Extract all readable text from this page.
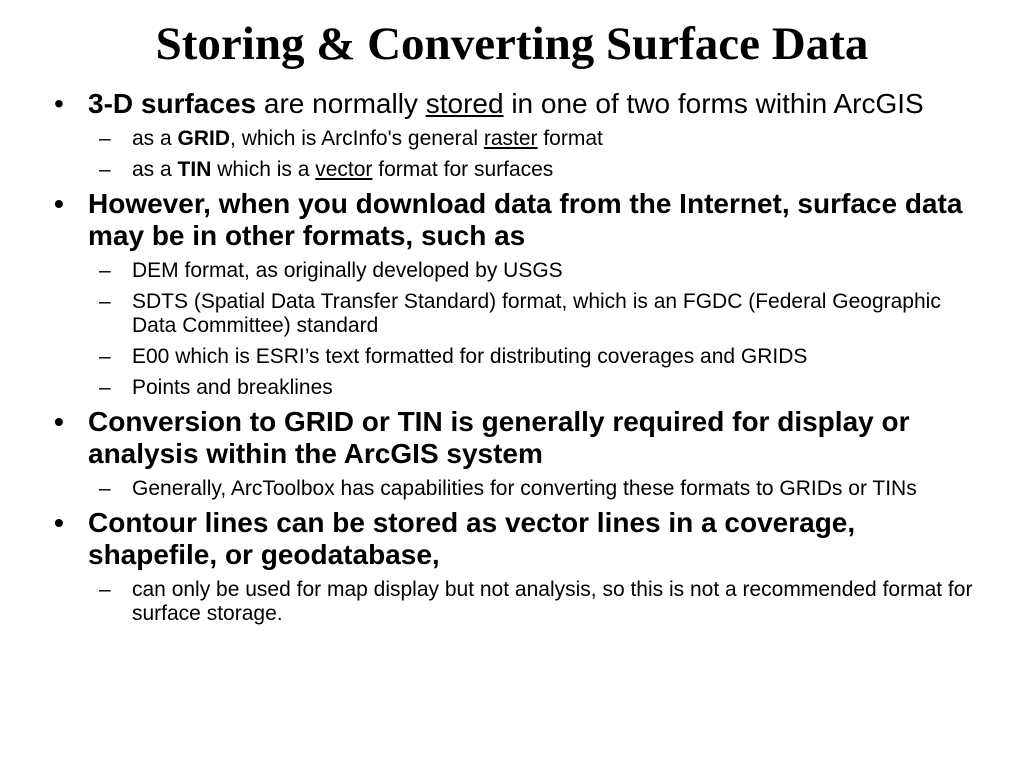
Storing & Converting Surface Data
• 3-D surfaces are normally stored in one of two forms within ArcGIS
– as a GRID, which is ArcInfo's general raster format
– as a TIN which is a vector format for surfaces
• However, when you download data from the Internet, surface data may be in other formats, such as
– DEM format, as originally developed by USGS
– SDTS (Spatial Data Transfer Standard) format, which is an FGDC (Federal Geographic Data Committee) standard
– E00 which is ESRI’s text formatted for distributing coverages and GRIDS
– Points and breaklines
• Conversion to GRID or TIN is generally required for display or analysis within the ArcGIS system
– Generally, ArcToolbox has capabilities for converting these formats to GRIDs or TINs
• Contour lines can be stored as vector lines in a coverage, shapefile, or geodatabase,
– can only be used for map display but not analysis, so this is not a recommended format for surface storage.
